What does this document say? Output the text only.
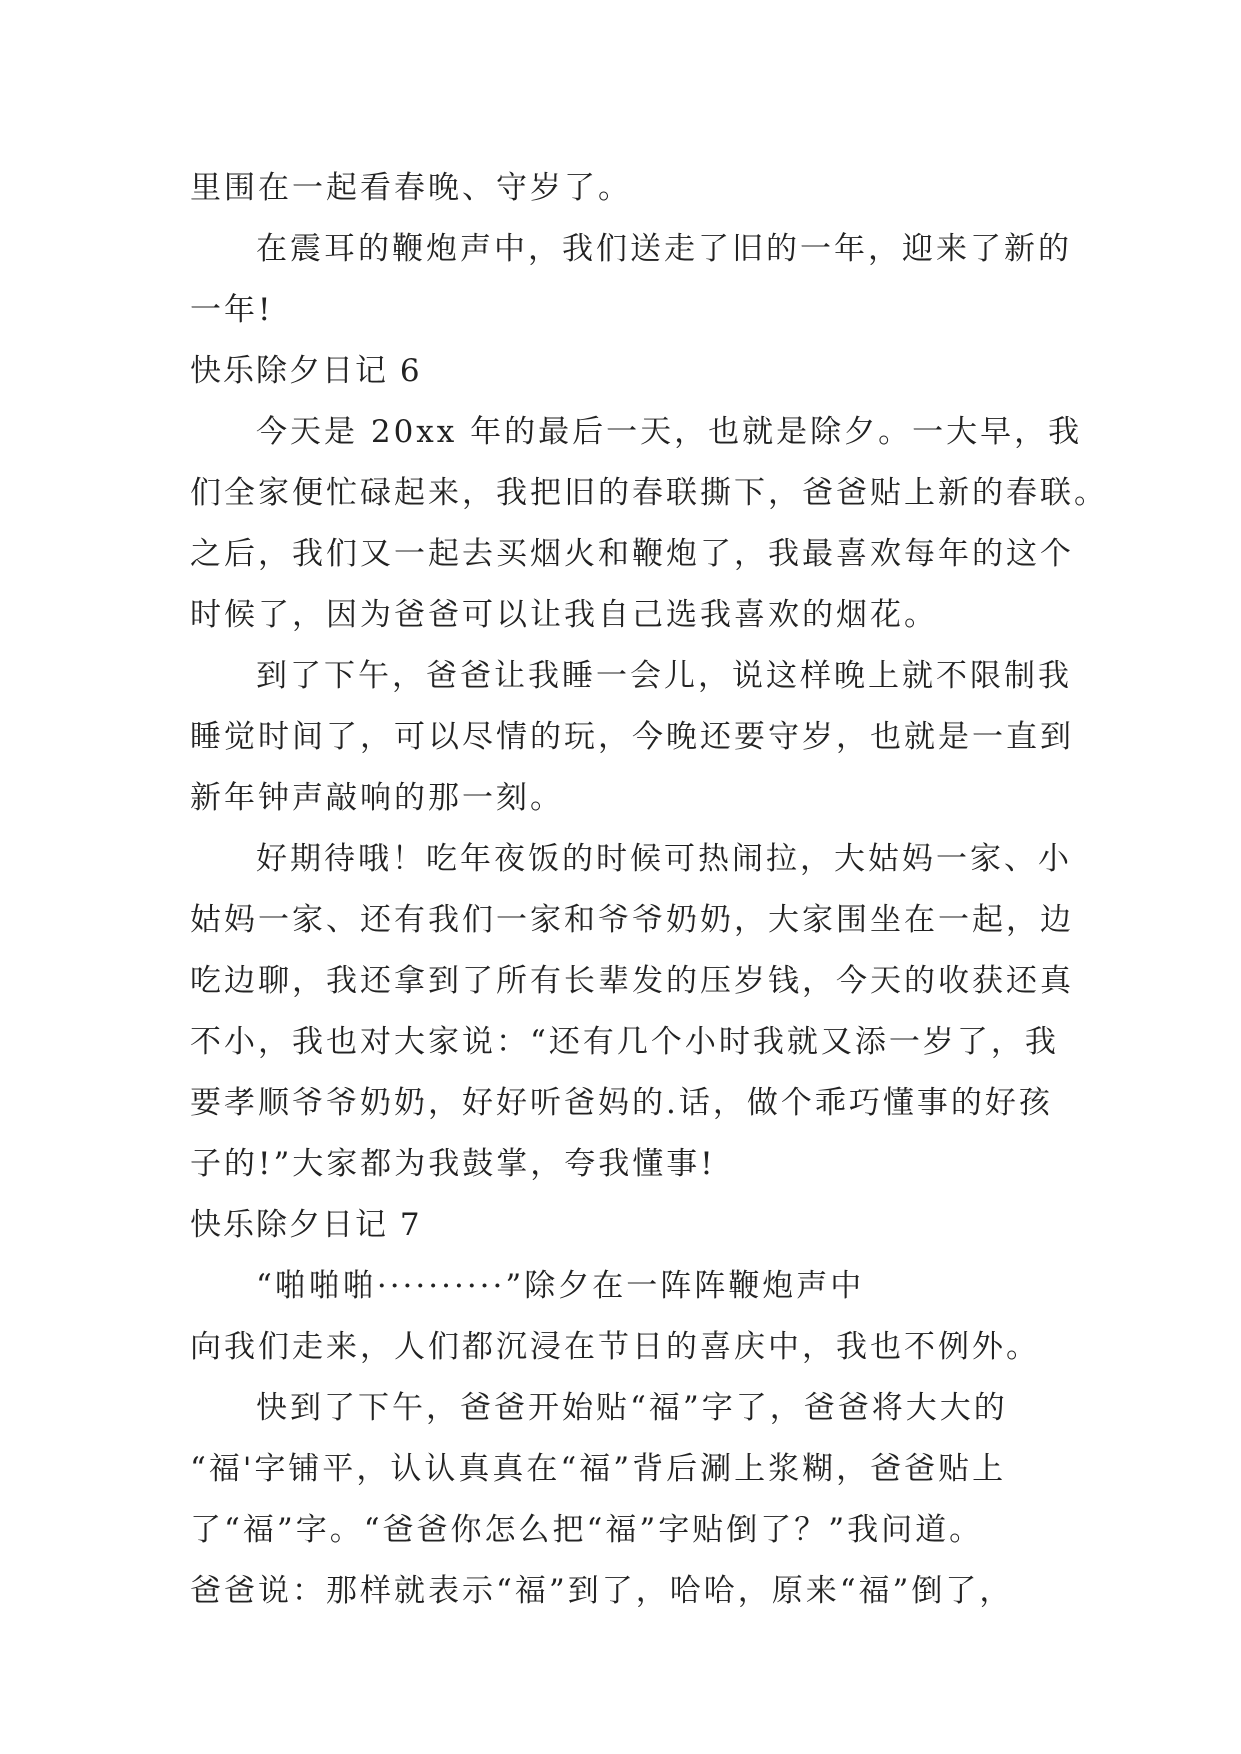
里围在一起看春晚、守岁了。
在震耳的鞭炮声中，我们送走了旧的一年，迎来了新的
一年!
快乐除夕日记 6
今天是 20xx 年的最后一天，也就是除夕。一大早，我
们全家便忙碌起来，我把旧的春联撕下，爸爸贴上新的春联。
之后，我们又一起去买烟火和鞭炮了，我最喜欢每年的这个
时候了，因为爸爸可以让我自己选我喜欢的烟花。
到了下午，爸爸让我睡一会儿，说这样晚上就不限制我
睡觉时间了，可以尽情的玩，今晚还要守岁，也就是一直到
新年钟声敲响的那一刻。
好期待哦！吃年夜饭的时候可热闹拉，大姑妈一家、小
姑妈一家、还有我们一家和爷爷奶奶，大家围坐在一起，边
吃边聊，我还拿到了所有长辈发的压岁钱，今天的收获还真
不小，我也对大家说：“还有几个小时我就又添一岁了，我
要孝顺爷爷奶奶，好好听爸妈的.话，做个乖巧懂事的好孩
子的!”大家都为我鼓掌，夸我懂事!
快乐除夕日记 7
“啪啪啪··········”除夕在一阵阵鞭炮声中
向我们走来，人们都沉浸在节日的喜庆中，我也不例外。
快到了下午，爸爸开始贴“福”字了，爸爸将大大的
“福'字铺平，认认真真在“福”背后涮上浆糊，爸爸贴上
了“福”字。“爸爸你怎么把“福”字贴倒了？”我问道。
爸爸说：那样就表示“福”到了，哈哈，原来“福”倒了，
